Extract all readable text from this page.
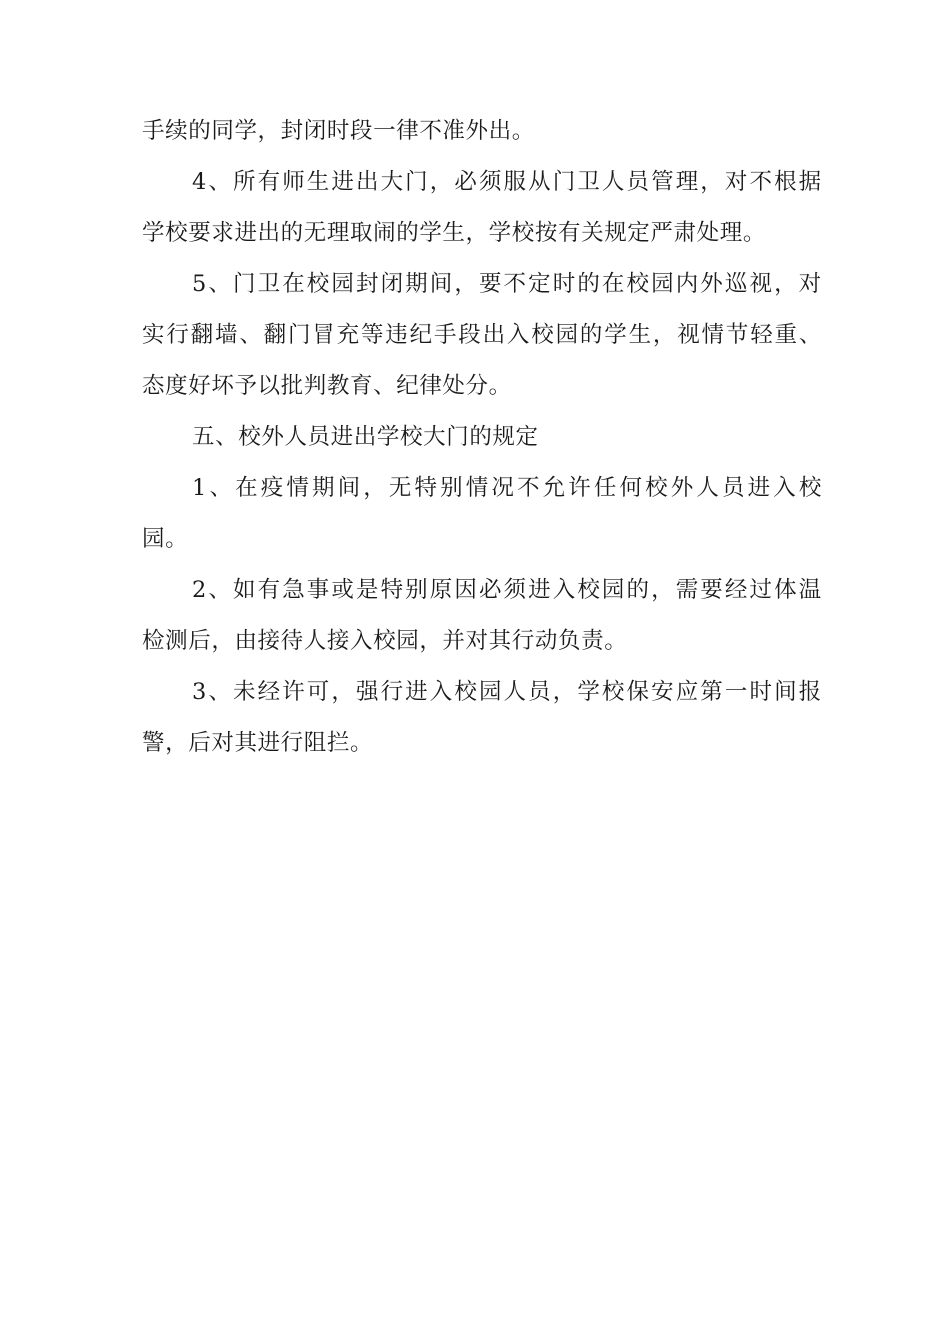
手 续 的 同 学 ， 封 闭 时 段 一 律 不 准 外 出 。
4 、 所 有 师 生 进 出 大 门 ， 必 须 服 从 门 卫 人 员 管 理 ， 对 不 根 据
学 校 要 求 进 出 的 无 理 取 闹 的 学 生 ， 学 校 按 有 关 规 定 严 肃 处 理 。
5 、 门 卫 在 校 园 封 闭 期 间 ， 要 不 定 时 的 在 校 园 内 外 巡 视 ， 对
实 行 翻 墙 、 翻 门 冒 充 等 违 纪 手 段 出 入 校 园 的 学 生 ， 视 情 节 轻 重 、
态 度 好 坏 予 以 批 判 教 育 、 纪 律 处 分 。
五 、 校 外 人 员 进 出 学 校 大 门 的 规 定
1 、 在 疫 情 期 间 ， 无 特 别 情 况 不 允 许 任 何 校 外 人 员 进 入 校
园 。
2 、 如 有 急 事 或 是 特 别 原 因 必 须 进 入 校 园 的 ， 需 要 经 过 体 温
检 测 后 ， 由 接 待 人 接 入 校 园 ， 并 对 其 行 动 负 责 。
3 、 未 经 许 可 ， 强 行 进 入 校 园 人 员 ， 学 校 保 安 应 第 一 时 间 报
警 ， 后 对 其 进 行 阻 拦 。
